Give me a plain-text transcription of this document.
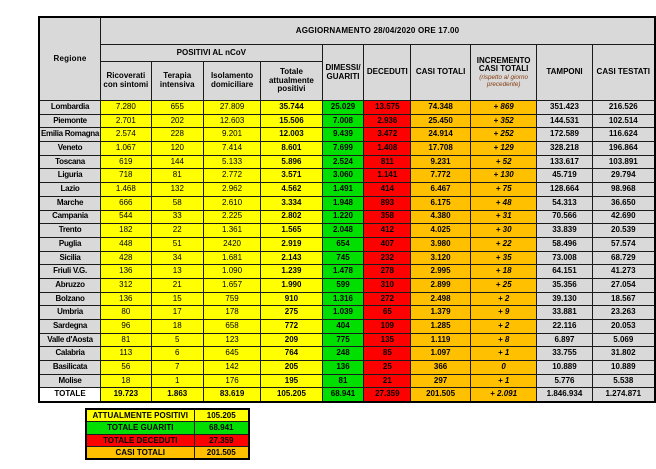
Regione	AGGIORNAMENTO 28/04/2020 ORE 17.00									
	POSITIVI AL nCoV				DIMESSI/ GUARITI	DECEDUTI	CASI TOTALI	INCREMENTO CASI TOTALI
(rispetto al giorno precedente)	TAMPONI	CASI TESTATI
	Ricoverati con sintomi	Terapia intensiva	Isolamento domiciliare	Totale attualmente positivi						
Lombardia	7.280	655	27.809	35.744	25.029	13.575	74.348	+ 869	351.423	216.526
Piemonte	2.701	202	12.603	15.506	7.008	2.936	25.450	+ 352	144.531	102.514
Emilia Romagna	2.574	228	9.201	12.003	9.439	3.472	24.914	+ 252	172.589	116.624
Veneto	1.067	120	7.414	8.601	7.699	1.408	17.708	+ 129	328.218	196.864
Toscana	619	144	5.133	5.896	2.524	811	9.231	+ 52	133.617	103.891
Liguria	718	81	2.772	3.571	3.060	1.141	7.772	+ 130	45.719	29.794
Lazio	1.468	132	2.962	4.562	1.491	414	6.467	+ 75	128.664	98.968
Marche	666	58	2.610	3.334	1.948	893	6.175	+ 48	54.313	36.650
Campania	544	33	2.225	2.802	1.220	358	4.380	+ 31	70.566	42.690
Trento	182	22	1.361	1.565	2.048	412	4.025	+ 30	33.839	20.539
Puglia	448	51	2420	2.919	654	407	3.980	+ 22	58.496	57.574
Sicilia	428	34	1.681	2.143	745	232	3.120	+ 35	73.008	68.729
Friuli V.G.	136	13	1.090	1.239	1.478	278	2.995	+ 18	64.151	41.273
Abruzzo	312	21	1.657	1.990	599	310	2.899	+ 25	35.356	27.054
Bolzano	136	15	759	910	1.316	272	2.498	+ 2	39.130	18.567
Umbria	80	17	178	275	1.039	65	1.379	+ 9	33.881	23.263
Sardegna	96	18	658	772	404	109	1.285	+ 2	22.116	20.053
Valle d'Aosta	81	5	123	209	775	135	1.119	+ 8	6.897	5.069
Calabria	113	6	645	764	248	85	1.097	+ 1	33.755	31.802
Basilicata	56	7	142	205	136	25	366	0	10.889	10.889
Molise	18	1	176	195	81	21	297	+ 1	5.776	5.538
TOTALE	19.723	1.863	83.619	105.205	68.941	27.359	201.505	+ 2.091	1.846.934	1.274.871
ATTUALMENTE POSITIVI	105.205
TOTALE GUARITI	68.941
TOTALE DECEDUTI	27.359
CASI TOTALI	201.505
